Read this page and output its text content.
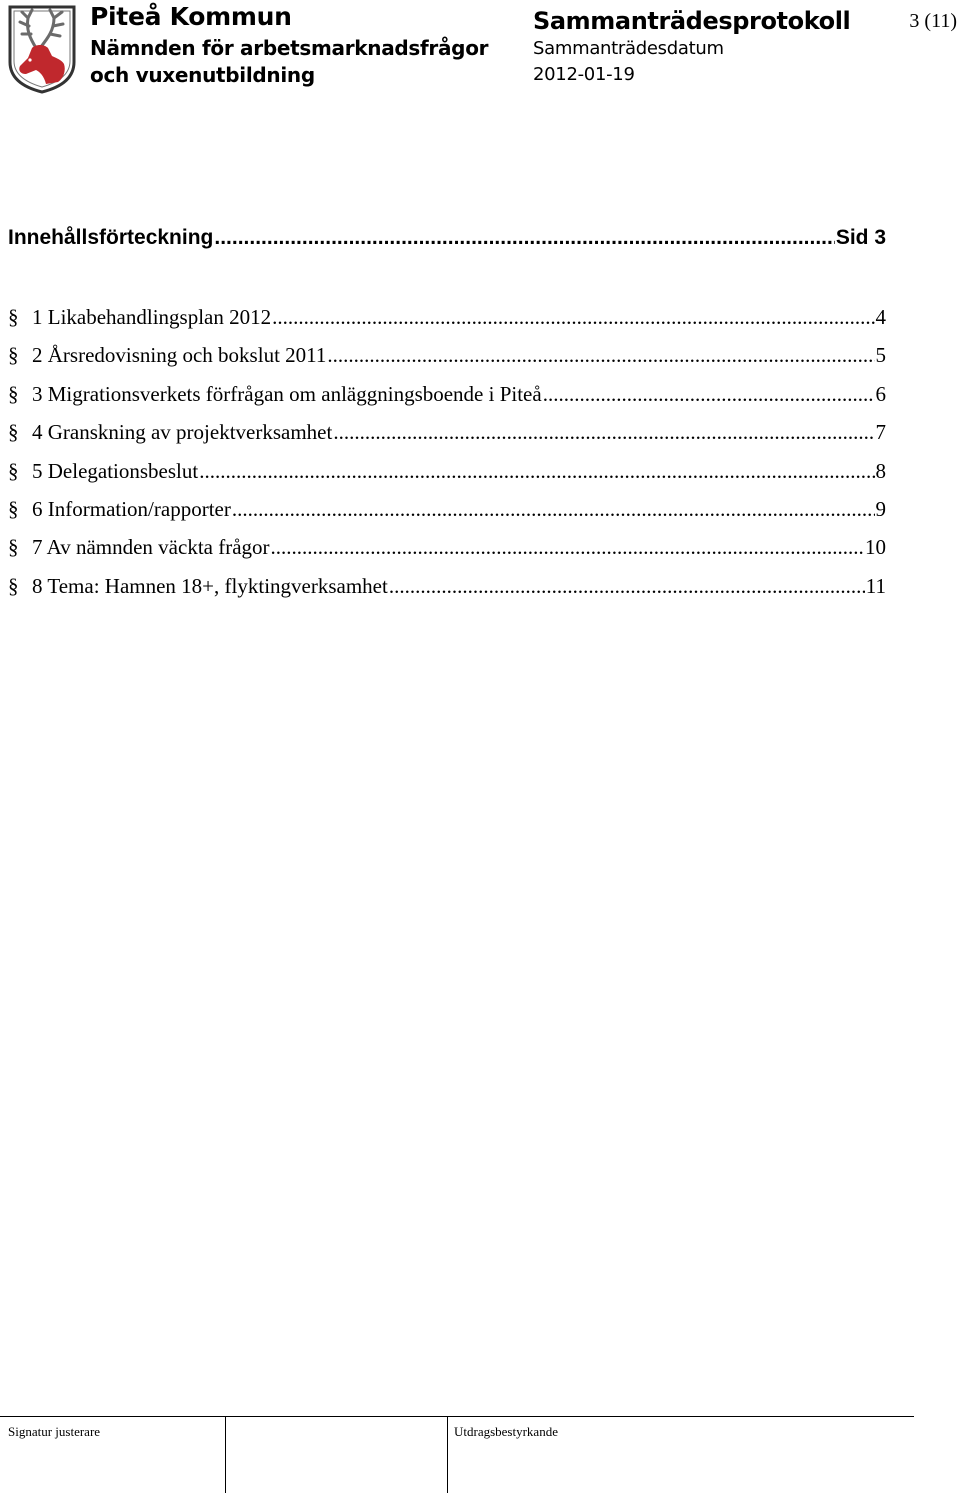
Piteå Kommun
Nämnden för arbetsmarknadsfrågor
och vuxenutbildning
Sammanträdesprotokoll
Sammanträdesdatum
2012-01-19
3 (11)
Innehållsförteckning .....	Sid 3
§ 1 Likabehandlingsplan 2012 .....	4
§ 2 Årsredovisning och bokslut 2011 .....	5
§ 3 Migrationsverkets förfrågan om anläggningsboende i Piteå .....	6
§ 4 Granskning av projektverksamhet .....	7
§ 5 Delegationsbeslut .....	8
§ 6 Information/rapporter .....	9
§ 7 Av nämnden väckta frågor .....	10
§ 8 Tema: Hamnen 18+, flyktingverksamhet .....	11
Signatur justerare	Utdragsbestyrkande
